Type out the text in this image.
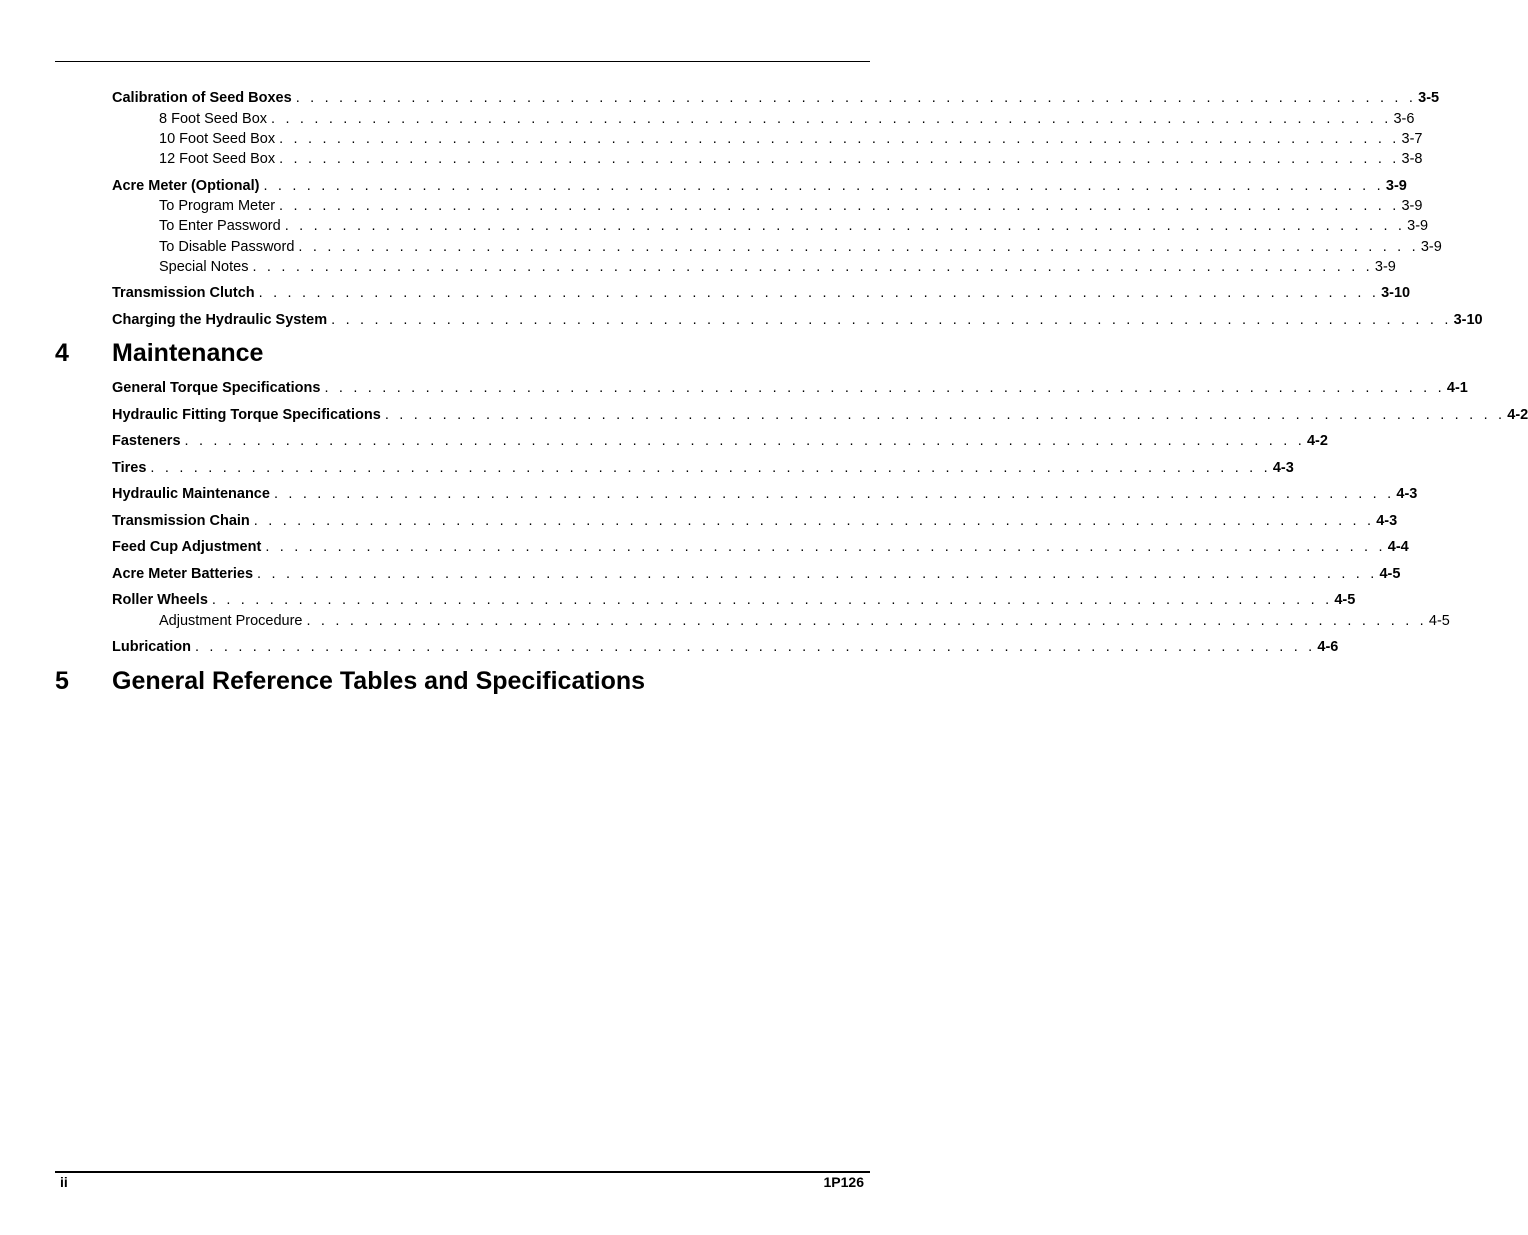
Calibration of Seed Boxes . . . . . . . . . . . . . . . . . . . . . . . . . . . . . . . . . . . . . . . . . . . . . . . . . . . . . . . . . . . . . . . . . . . . . . . . . . . . . . 3-5
8 Foot Seed Box . . . . . . . . . . . . . . . . . . . . . . . . . . . . . . . . . . . . . . . . . . . . . . . . . . . . . . . . . . . . . . . . . . . . . . . . . . . . . . 3-6
10 Foot Seed Box . . . . . . . . . . . . . . . . . . . . . . . . . . . . . . . . . . . . . . . . . . . . . . . . . . . . . . . . . . . . . . . . . . . . . . . . . . . . . . 3-7
12 Foot Seed Box . . . . . . . . . . . . . . . . . . . . . . . . . . . . . . . . . . . . . . . . . . . . . . . . . . . . . . . . . . . . . . . . . . . . . . . . . . . . . . 3-8
Acre Meter (Optional) . . . . . . . . . . . . . . . . . . . . . . . . . . . . . . . . . . . . . . . . . . . . . . . . . . . . . . . . . . . . . . . . . . . . . . . . . . . . . . 3-9
To Program Meter . . . . . . . . . . . . . . . . . . . . . . . . . . . . . . . . . . . . . . . . . . . . . . . . . . . . . . . . . . . . . . . . . . . . . . . . . . . . . . 3-9
To Enter Password . . . . . . . . . . . . . . . . . . . . . . . . . . . . . . . . . . . . . . . . . . . . . . . . . . . . . . . . . . . . . . . . . . . . . . . . . . . . . . 3-9
To Disable Password . . . . . . . . . . . . . . . . . . . . . . . . . . . . . . . . . . . . . . . . . . . . . . . . . . . . . . . . . . . . . . . . . . . . . . . . . . . . . . 3-9
Special Notes . . . . . . . . . . . . . . . . . . . . . . . . . . . . . . . . . . . . . . . . . . . . . . . . . . . . . . . . . . . . . . . . . . . . . . . . . . . . . . 3-9
Transmission Clutch . . . . . . . . . . . . . . . . . . . . . . . . . . . . . . . . . . . . . . . . . . . . . . . . . . . . . . . . . . . . . . . . . . . . . . . . . . . . . . 3-10
Charging the Hydraulic System . . . . . . . . . . . . . . . . . . . . . . . . . . . . . . . . . . . . . . . . . . . . . . . . . . . . . . . . . . . . . . . . . . . . . . . . . . . . . . 3-10
4 Maintenance
General Torque Specifications . . . . . . . . . . . . . . . . . . . . . . . . . . . . . . . . . . . . . . . . . . . . . . . . . . . . . . . . . . . . . . . . . . . . . . . . . . . . . . 4-1
Hydraulic Fitting Torque Specifications . . . . . . . . . . . . . . . . . . . . . . . . . . . . . . . . . . . . . . . . . . . . . . . . . . . . . . . . . . . . . . . . . . . . . . . . . . . . . . 4-2
Fasteners . . . . . . . . . . . . . . . . . . . . . . . . . . . . . . . . . . . . . . . . . . . . . . . . . . . . . . . . . . . . . . . . . . . . . . . . . . . . . . 4-2
Tires . . . . . . . . . . . . . . . . . . . . . . . . . . . . . . . . . . . . . . . . . . . . . . . . . . . . . . . . . . . . . . . . . . . . . . . . . . . . . . 4-3
Hydraulic Maintenance . . . . . . . . . . . . . . . . . . . . . . . . . . . . . . . . . . . . . . . . . . . . . . . . . . . . . . . . . . . . . . . . . . . . . . . . . . . . . . 4-3
Transmission Chain . . . . . . . . . . . . . . . . . . . . . . . . . . . . . . . . . . . . . . . . . . . . . . . . . . . . . . . . . . . . . . . . . . . . . . . . . . . . . . 4-3
Feed Cup Adjustment . . . . . . . . . . . . . . . . . . . . . . . . . . . . . . . . . . . . . . . . . . . . . . . . . . . . . . . . . . . . . . . . . . . . . . . . . . . . . . 4-4
Acre Meter Batteries . . . . . . . . . . . . . . . . . . . . . . . . . . . . . . . . . . . . . . . . . . . . . . . . . . . . . . . . . . . . . . . . . . . . . . . . . . . . . . 4-5
Roller Wheels . . . . . . . . . . . . . . . . . . . . . . . . . . . . . . . . . . . . . . . . . . . . . . . . . . . . . . . . . . . . . . . . . . . . . . . . . . . . . . 4-5
Adjustment Procedure . . . . . . . . . . . . . . . . . . . . . . . . . . . . . . . . . . . . . . . . . . . . . . . . . . . . . . . . . . . . . . . . . . . . . . . . . . . . . . 4-5
Lubrication . . . . . . . . . . . . . . . . . . . . . . . . . . . . . . . . . . . . . . . . . . . . . . . . . . . . . . . . . . . . . . . . . . . . . . . . . . . . . . 4-6
5 General Reference Tables and Specifications
ii	1P126
